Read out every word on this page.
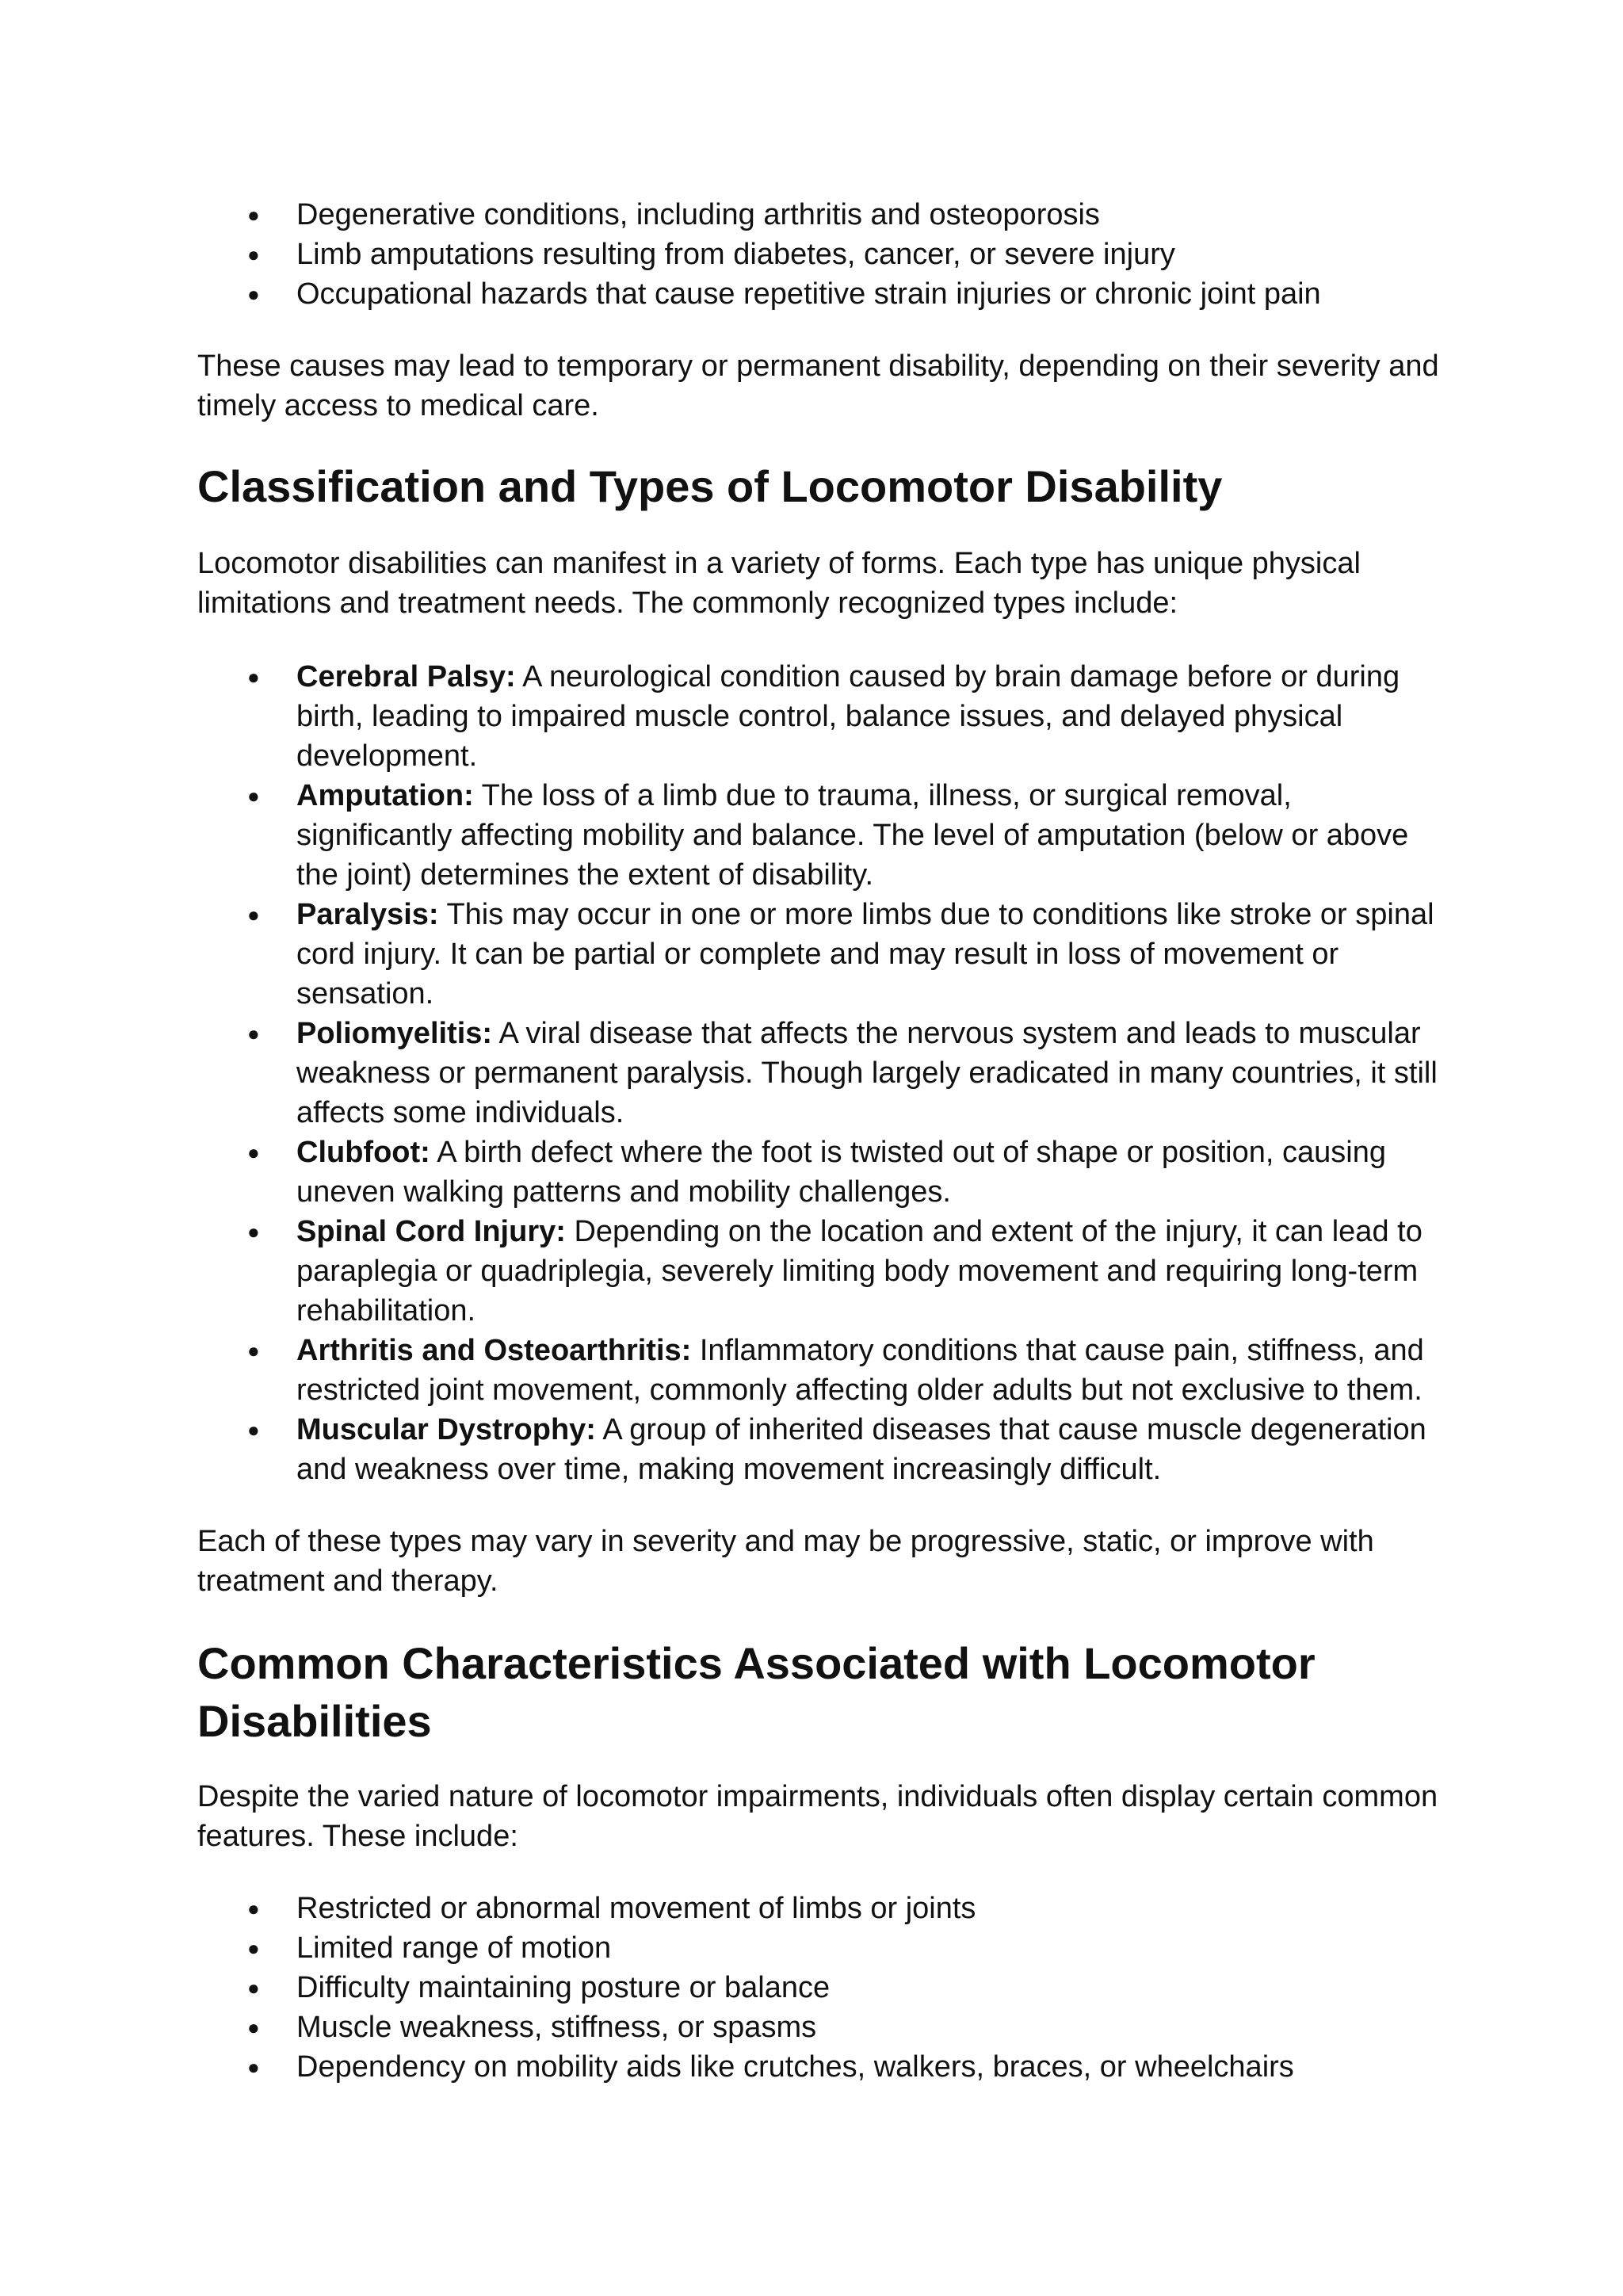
● Degenerative conditions, including arthritis and osteoporosis
● Limb amputations resulting from diabetes, cancer, or severe injury
● Occupational hazards that cause repetitive strain injuries or chronic joint pain

These causes may lead to temporary or permanent disability, depending on their severity and timely access to medical care.

Classification and Types of Locomotor Disability

Locomotor disabilities can manifest in a variety of forms. Each type has unique physical limitations and treatment needs. The commonly recognized types include:

● Cerebral Palsy: A neurological condition caused by brain damage before or during birth, leading to impaired muscle control, balance issues, and delayed physical development.
● Amputation: The loss of a limb due to trauma, illness, or surgical removal, significantly affecting mobility and balance. The level of amputation (below or above the joint) determines the extent of disability.
● Paralysis: This may occur in one or more limbs due to conditions like stroke or spinal cord injury. It can be partial or complete and may result in loss of movement or sensation.
● Poliomyelitis: A viral disease that affects the nervous system and leads to muscular weakness or permanent paralysis. Though largely eradicated in many countries, it still affects some individuals.
● Clubfoot: A birth defect where the foot is twisted out of shape or position, causing uneven walking patterns and mobility challenges.
● Spinal Cord Injury: Depending on the location and extent of the injury, it can lead to paraplegia or quadriplegia, severely limiting body movement and requiring long-term rehabilitation.
● Arthritis and Osteoarthritis: Inflammatory conditions that cause pain, stiffness, and restricted joint movement, commonly affecting older adults but not exclusive to them.
● Muscular Dystrophy: A group of inherited diseases that cause muscle degeneration and weakness over time, making movement increasingly difficult.

Each of these types may vary in severity and may be progressive, static, or improve with treatment and therapy.

Common Characteristics Associated with Locomotor Disabilities

Despite the varied nature of locomotor impairments, individuals often display certain common features. These include:

● Restricted or abnormal movement of limbs or joints
● Limited range of motion
● Difficulty maintaining posture or balance
● Muscle weakness, stiffness, or spasms
● Dependency on mobility aids like crutches, walkers, braces, or wheelchairs
